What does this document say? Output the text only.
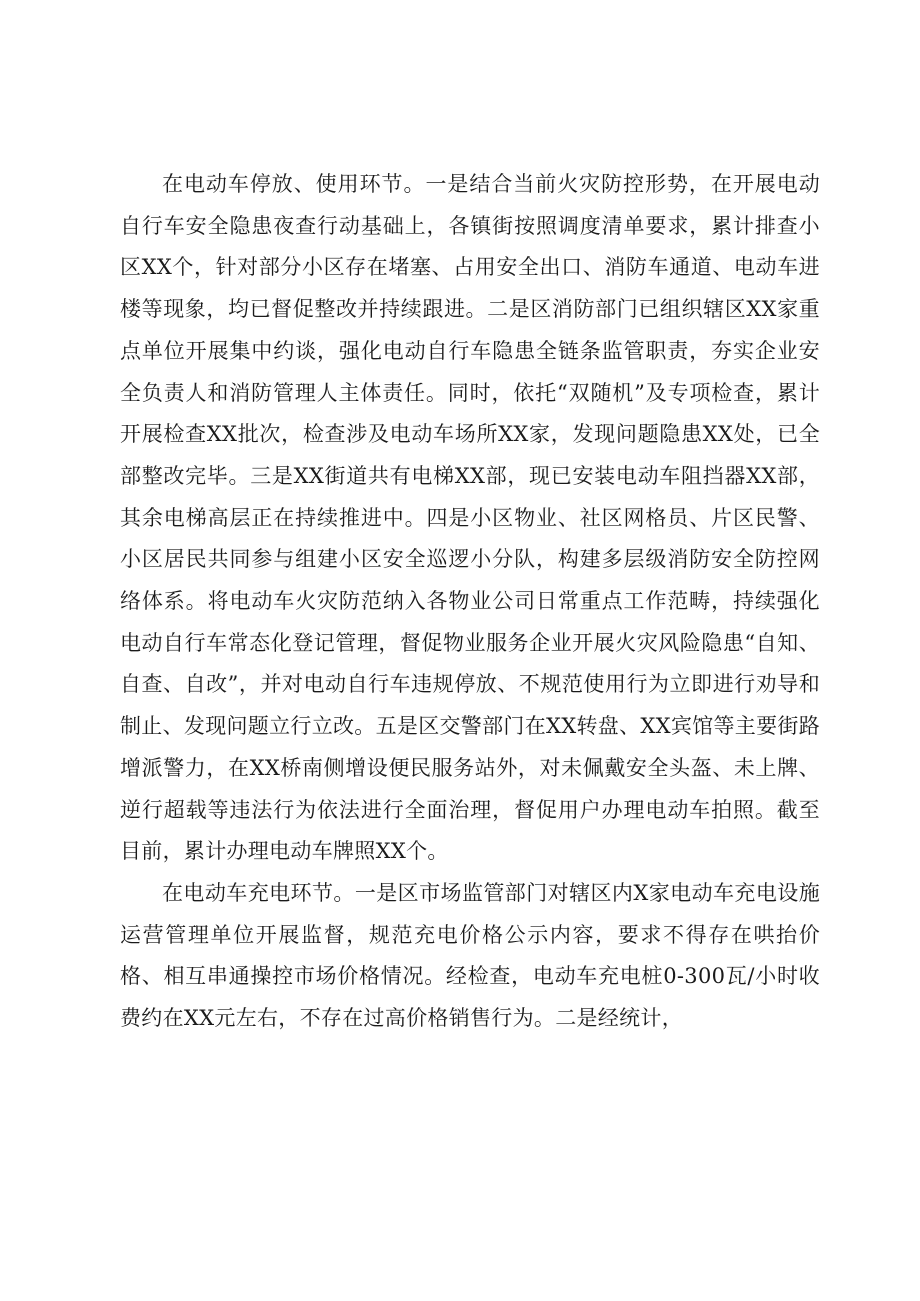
在电动车停放、使用环节。一是结合当前火灾防控形势，在开展电动自行车安全隐患夜查行动基础上，各镇街按照调度清单要求，累计排查小区XX个，针对部分小区存在堵塞、占用安全出口、消防车通道、电动车进楼等现象，均已督促整改并持续跟进。二是区消防部门已组织辖区XX家重点单位开展集中约谈，强化电动自行车隐患全链条监管职责，夯实企业安全负责人和消防管理人主体责任。同时，依托“双随机”及专项检查，累计开展检查XX批次，检查涉及电动车场所XX家，发现问题隐患XX处，已全部整改完毕。三是XX街道共有电梯XX部，现已安装电动车阻挡器XX部，其余电梯高层正在持续推进中。四是小区物业、社区网格员、片区民警、小区居民共同参与组建小区安全巡逻小分队，构建多层级消防安全防控网络体系。将电动车火灾防范纳入各物业公司日常重点工作范畴，持续强化电动自行车常态化登记管理，督促物业服务企业开展火灾风险隐患“自知、自查、自改”，并对电动自行车违规停放、不规范使用行为立即进行劝导和制止、发现问题立行立改。五是区交警部门在XX转盘、XX宾馆等主要街路增派警力，在XX桥南侧增设便民服务站外，对未佩戴安全头盔、未上牌、逆行超载等违法行为依法进行全面治理，督促用户办理电动车拍照。截至目前，累计办理电动车牌照XX个。

在电动车充电环节。一是区市场监管部门对辖区内X家电动车充电设施运营管理单位开展监督，规范充电价格公示内容，要求不得存在哄抬价格、相互串通操控市场价格情况。经检查，电动车充电桩0-300瓦/小时收费约在XX元左右，不存在过高价格销售行为。二是经统计，
